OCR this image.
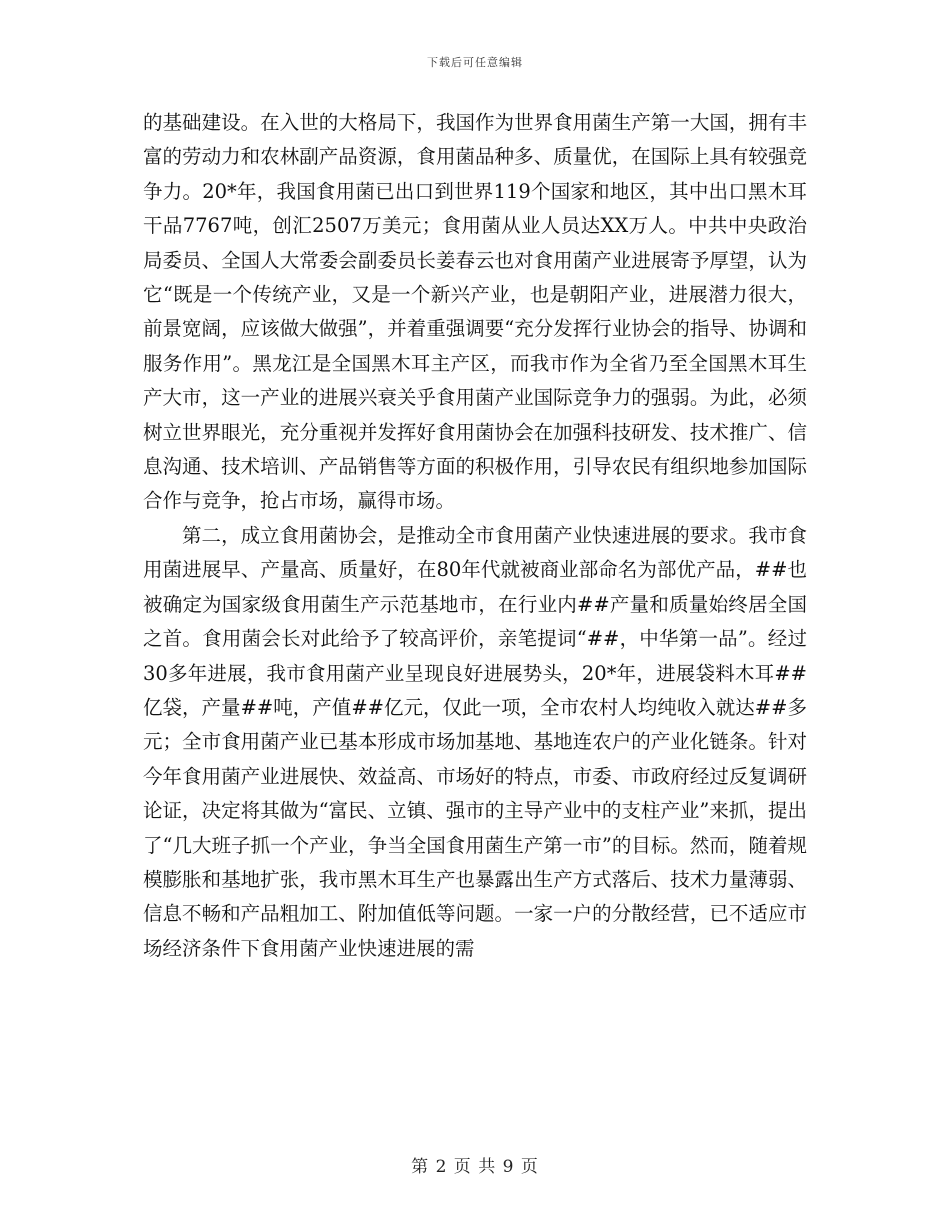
下载后可任意编辑

的基础建设。在入世的大格局下，我国作为世界食用菌生产第一大国，拥有丰富的劳动力和农林副产品资源，食用菌品种多、质量优，在国际上具有较强竞争力。20*年，我国食用菌已出口到世界119个国家和地区，其中出口黑木耳干品7767吨，创汇2507万美元；食用菌从业人员达XX万人。中共中央政治局委员、全国人大常委会副委员长姜春云也对食用菌产业进展寄予厚望，认为它“既是一个传统产业，又是一个新兴产业，也是朝阳产业，进展潜力很大，前景宽阔，应该做大做强”，并着重强调要“充分发挥行业协会的指导、协调和服务作用”。黑龙江是全国黑木耳主产区，而我市作为全省乃至全国黑木耳生产大市，这一产业的进展兴衰关乎食用菌产业国际竞争力的强弱。为此，必须树立世界眼光，充分重视并发挥好食用菌协会在加强科技研发、技术推广、信息沟通、技术培训、产品销售等方面的积极作用，引导农民有组织地参加国际合作与竞争，抢占市场，赢得市场。

第二，成立食用菌协会，是推动全市食用菌产业快速进展的要求。我市食用菌进展早、产量高、质量好，在80年代就被商业部命名为部优产品，##也被确定为国家级食用菌生产示范基地市，在行业内##产量和质量始终居全国之首。食用菌会长对此给予了较高评价，亲笔提词“##，中华第一品”。经过30多年进展，我市食用菌产业呈现良好进展势头，20*年，进展袋料木耳##亿袋，产量##吨，产值##亿元，仅此一项，全市农村人均纯收入就达##多元；全市食用菌产业已基本形成市场加基地、基地连农户的产业化链条。针对今年食用菌产业进展快、效益高、市场好的特点，市委、市政府经过反复调研论证，决定将其做为“富民、立镇、强市的主导产业中的支柱产业”来抓，提出了“几大班子抓一个产业，争当全国食用菌生产第一市”的目标。然而，随着规模膨胀和基地扩张，我市黑木耳生产也暴露出生产方式落后、技术力量薄弱、信息不畅和产品粗加工、附加值低等问题。一家一户的分散经营，已不适应市场经济条件下食用菌产业快速进展的需

第 2 页 共 9 页
